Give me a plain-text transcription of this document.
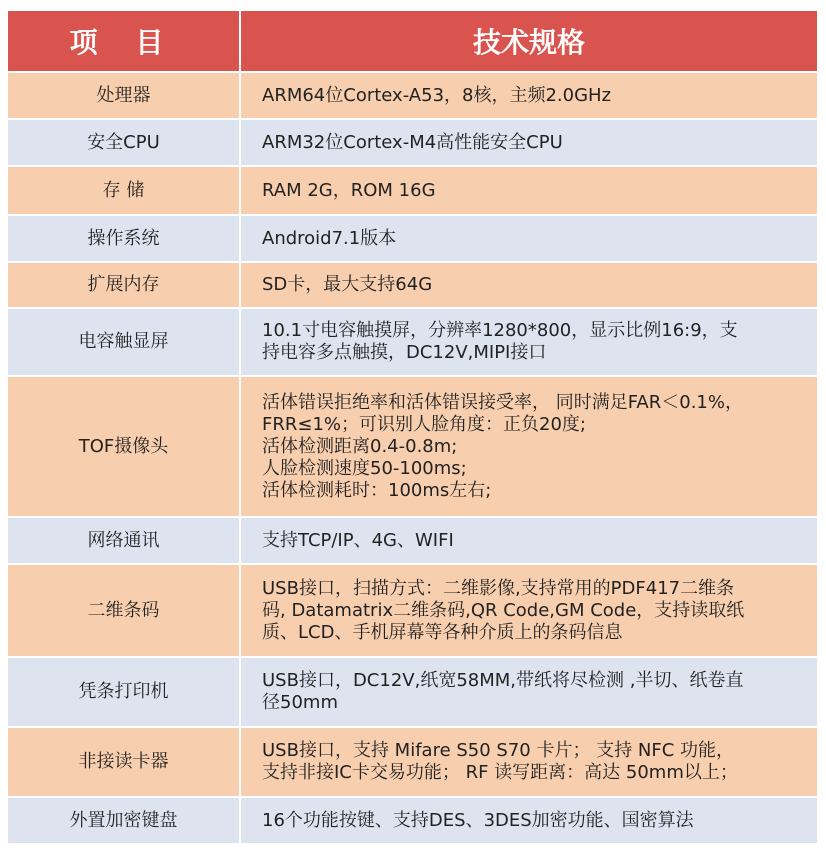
项 目	技术规格
处理器	ARM64位Cortex-A53，8核，主频2.0GHz

安全CPU	ARM32位Cortex-M4高性能安全CPU

存 储	RAM 2G，ROM 16G

操作系统	Android7.1版本

扩展内存	SD卡，最大支持64G

电容触显屏	10.1寸电容触摸屏，分辨率1280*800，显示比例16:9，支
持电容多点触摸，DC12V,MIPI接口

TOF摄像头	活体错误拒绝率和活体错误接受率， 同时满足FAR＜0.1%，
FRR≤1%；可识别人脸角度：正负20度;
活体检测距离0.4-0.8m;
人脸检测速度50-100ms;
活体检测耗时：100ms左右;

网络通讯	支持TCP/IP、4G、WIFI

二维条码	USB接口，扫描方式：二维影像,支持常用的PDF417二维条
码, Datamatrix二维条码,QR Code,GM Code，支持读取纸
质、LCD、手机屏幕等各种介质上的条码信息

凭条打印机	USB接口，DC12V,纸宽58MM,带纸将尽检测 ,半切、纸卷直
径50mm

非接读卡器	USB接口，支持 Mifare S50 S70 卡片； 支持 NFC 功能，
支持非接IC卡交易功能； RF 读写距离：高达 50mm以上；

外置加密键盘	16个功能按键、支持DES、3DES加密功能、国密算法
